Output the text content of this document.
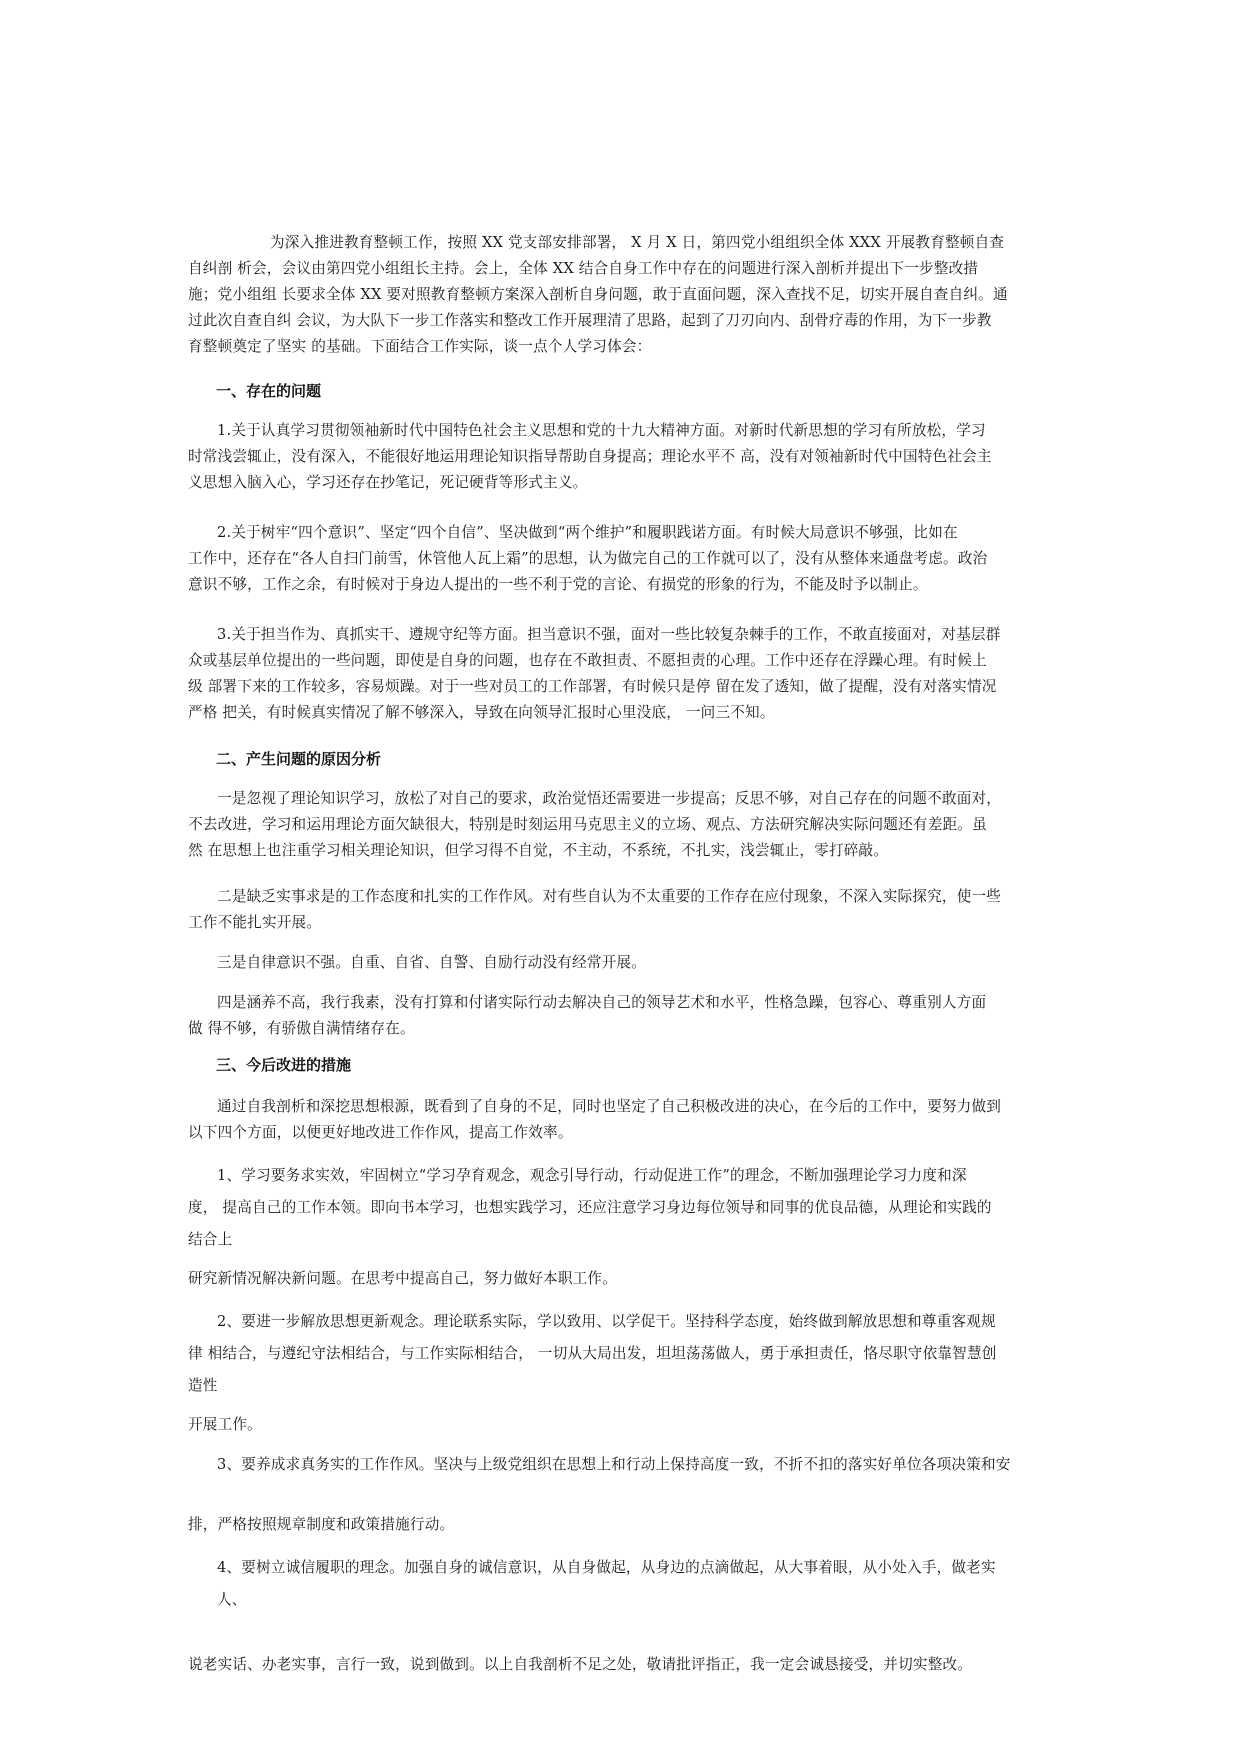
为深入推进教育整顿工作，按照 XX 党支部安排部署， X 月 X 日，第四党小组组织全体 XXX 开展教育整顿自查
自纠剖 析会，会议由第四党小组组长主持。会上，全体 XX 结合自身工作中存在的问题进行深入剖析并提出下一步整改措
施；党小组组 长要求全体 XX 要对照教育整顿方案深入剖析自身问题，敢于直面问题，深入查找不足，切实开展自查自纠。通
过此次自查自纠 会议，为大队下一步工作落实和整改工作开展理清了思路，起到了刀刃向内、刮骨疗毒的作用，为下一步教
育整顿奠定了坚实 的基础。下面结合工作实际，谈一点个人学习体会：
一、存在的问题
1.关于认真学习贯彻领袖新时代中国特色社会主义思想和党的十九大精神方面。对新时代新思想的学习有所放松，学习
时常浅尝辄止，没有深入，不能很好地运用理论知识指导帮助自身提高；理论水平不 高，没有对领袖新时代中国特色社会主
义思想入脑入心，学习还存在抄笔记，死记硬背等形式主义。
2.关于树牢“四个意识”、坚定“四个自信”、坚决做到“两个维护”和履职践诺方面。有时候大局意识不够强，比如在
工作中，还存在“各人自扫门前雪，休管他人瓦上霜”的思想，认为做完自己的工作就可以了，没有从整体来通盘考虑。政治
意识不够，工作之余，有时候对于身边人提出的一些不利于党的言论、有损党的形象的行为，不能及时予以制止。
3.关于担当作为、真抓实干、遵规守纪等方面。担当意识不强，面对一些比较复杂棘手的工作，不敢直接面对，对基层群
众或基层单位提出的一些问题，即使是自身的问题，也存在不敢担责、不愿担责的心理。工作中还存在浮躁心理。有时候上
级 部署下来的工作较多，容易烦躁。对于一些对员工的工作部署，有时候只是停 留在发了透知，做了提醒，没有对落实情况
严格 把关，有时候真实情况了解不够深入，导致在向领导汇报时心里没底， 一问三不知。
二、产生问题的原因分析
一是忽视了理论知识学习，放松了对自己的要求，政治觉悟还需要进一步提高；反思不够，对自己存在的问题不敢面对，
不去改进，学习和运用理论方面欠缺很大，特别是时刻运用马克思主义的立场、观点、方法研究解决实际问题还有差距。虽
然 在思想上也注重学习相关理论知识，但学习得不自觉，不主动，不系统，不扎实，浅尝辄止，零打碎敲。
二是缺乏实事求是的工作态度和扎实的工作作风。对有些自认为不太重要的工作存在应付现象，不深入实际探究，使一些
工作不能扎实开展。
三是自律意识不强。自重、自省、自警、自励行动没有经常开展。
四是涵养不高，我行我素，没有打算和付诸实际行动去解决自己的领导艺术和水平，性格急躁，包容心、尊重别人方面
做 得不够，有骄傲自满情绪存在。
三、今后改进的措施
通过自我剖析和深挖思想根源，既看到了自身的不足，同时也坚定了自己积极改进的决心，在今后的工作中，要努力做到
以下四个方面，以便更好地改进工作作风，提高工作效率。
1、学习要务求实效，牢固树立“学习孕育观念，观念引导行动，行动促进工作”的理念，不断加强理论学习力度和深
度， 提高自己的工作本领。即向书本学习，也想实践学习，还应注意学习身边每位领导和同事的优良品德，从理论和实践的
结合上
研究新情况解决新问题。在思考中提高自己，努力做好本职工作。
2、要进一步解放思想更新观念。理论联系实际，学以致用、以学促干。坚持科学态度，始终做到解放思想和尊重客观规
律 相结合，与遵纪守法相结合，与工作实际相结合， 一切从大局出发，坦坦荡荡做人，勇于承担责任，恪尽职守依靠智慧创
造性
开展工作。
3、要养成求真务实的工作作风。坚决与上级党组织在思想上和行动上保持高度一致，不折不扣的落实好单位各项决策和安
排，严格按照规章制度和政策措施行动。
4、要树立诚信履职的理念。加强自身的诚信意识，从自身做起，从身边的点滴做起，从大事着眼，从小处入手，做老实
人、
说老实话、办老实事，言行一致，说到做到。以上自我剖析不足之处，敬请批评指正，我一定会诚恳接受，并切实整改。
